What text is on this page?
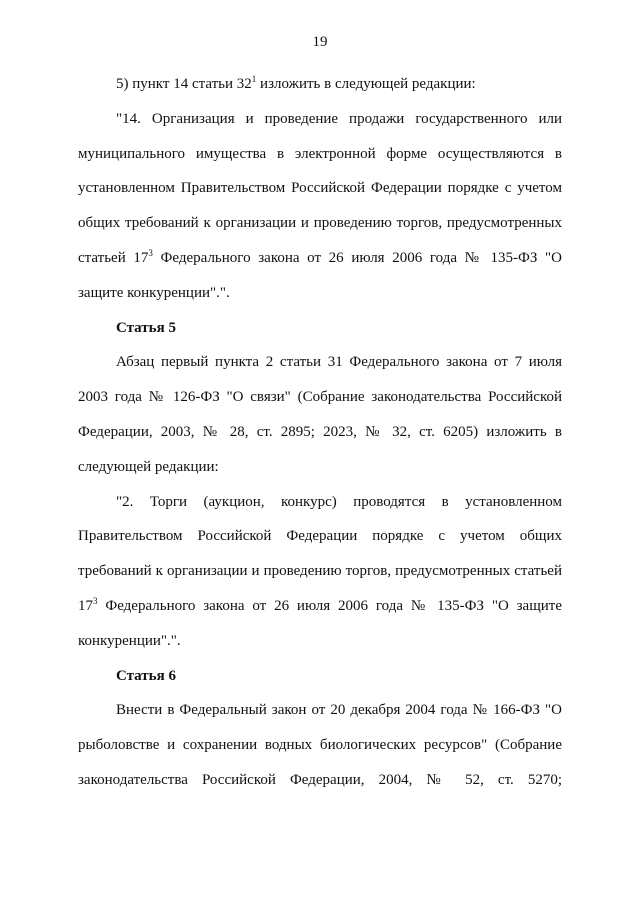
19

5) пункт 14 статьи $32^1$ изложить в следующей редакции:

"14. Организация и проведение продажи государственного или муниципального имущества в электронной форме осуществляются в установленном Правительством Российской Федерации порядке с учетом общих требований к организации и проведению торгов, предусмотренных статьей $17^3$ Федерального закона от 26 июля 2006 года № 135-ФЗ "О защите конкуренции".".

Статья 5

Абзац первый пункта 2 статьи 31 Федерального закона от 7 июля 2003 года № 126-ФЗ "О связи" (Собрание законодательства Российской Федерации, 2003, № 28, ст. 2895; 2023, № 32, ст. 6205) изложить в следующей редакции:

"2. Торги (аукцион, конкурс) проводятся в установленном Правительством Российской Федерации порядке с учетом общих требований к организации и проведению торгов, предусмотренных статьей $17^3$ Федерального закона от 26 июля 2006 года № 135-ФЗ "О защите конкуренции".".

Статья 6

Внести в Федеральный закон от 20 декабря 2004 года № 166-ФЗ "О рыболовстве и сохранении водных биологических ресурсов" (Собрание законодательства Российской Федерации, 2004, № 52, ст. 5270;
